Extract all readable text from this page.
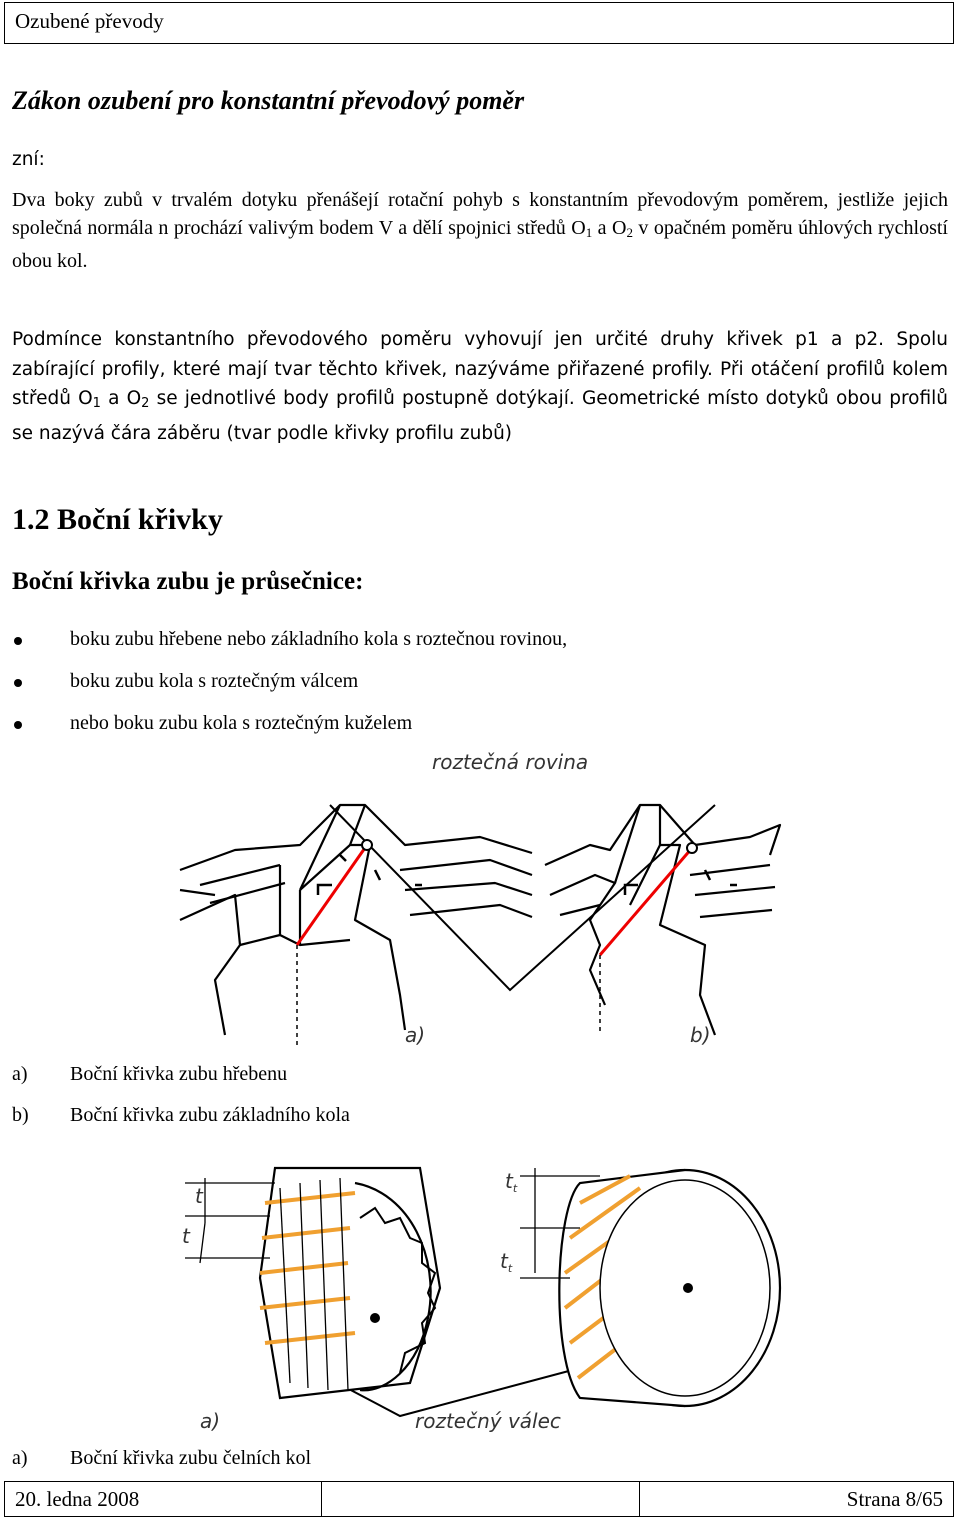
Ozubené převody
Zákon ozubení pro konstantní převodový poměr

zní:

Dva boky zubů v trvalém dotyku přenášejí rotační pohyb s konstantním převodovým poměrem, jestliže jejich společná normála n prochází valivým bodem V a dělí spojnici středů $O_1$ a $O_2$ v opačném poměru úhlových rychlostí obou kol.

Podmínce konstantního převodového poměru vyhovují jen určité druhy křivek p1 a p2. Spolu zabírající profily, které mají tvar těchto křivek, nazýváme přiřazené profily. Při otáčení profilů kolem středů $O_1$ a $O_2$ se jednotlivé body profilů postupně dotýkají. Geometrické místo dotyků obou profilů se nazývá čára záběru (tvar podle křivky profilu zubů)

1.2 Boční křivky
Boční křivka zubu je průsečnice:
boku zubu hřebene nebo základního kola s roztečnou rovinou,
boku zubu kola s roztečným válcem
nebo boku zubu kola s roztečným kuželem
roztečná rovina
a)	b)
a) Boční křivka zubu hřebenu
b) Boční křivka zubu základního kola
t
t
$t_t$
$t_t$
a)	roztečný válec
a) Boční křivka zubu čelních kol
20. ledna 2008	Strana 8/65
